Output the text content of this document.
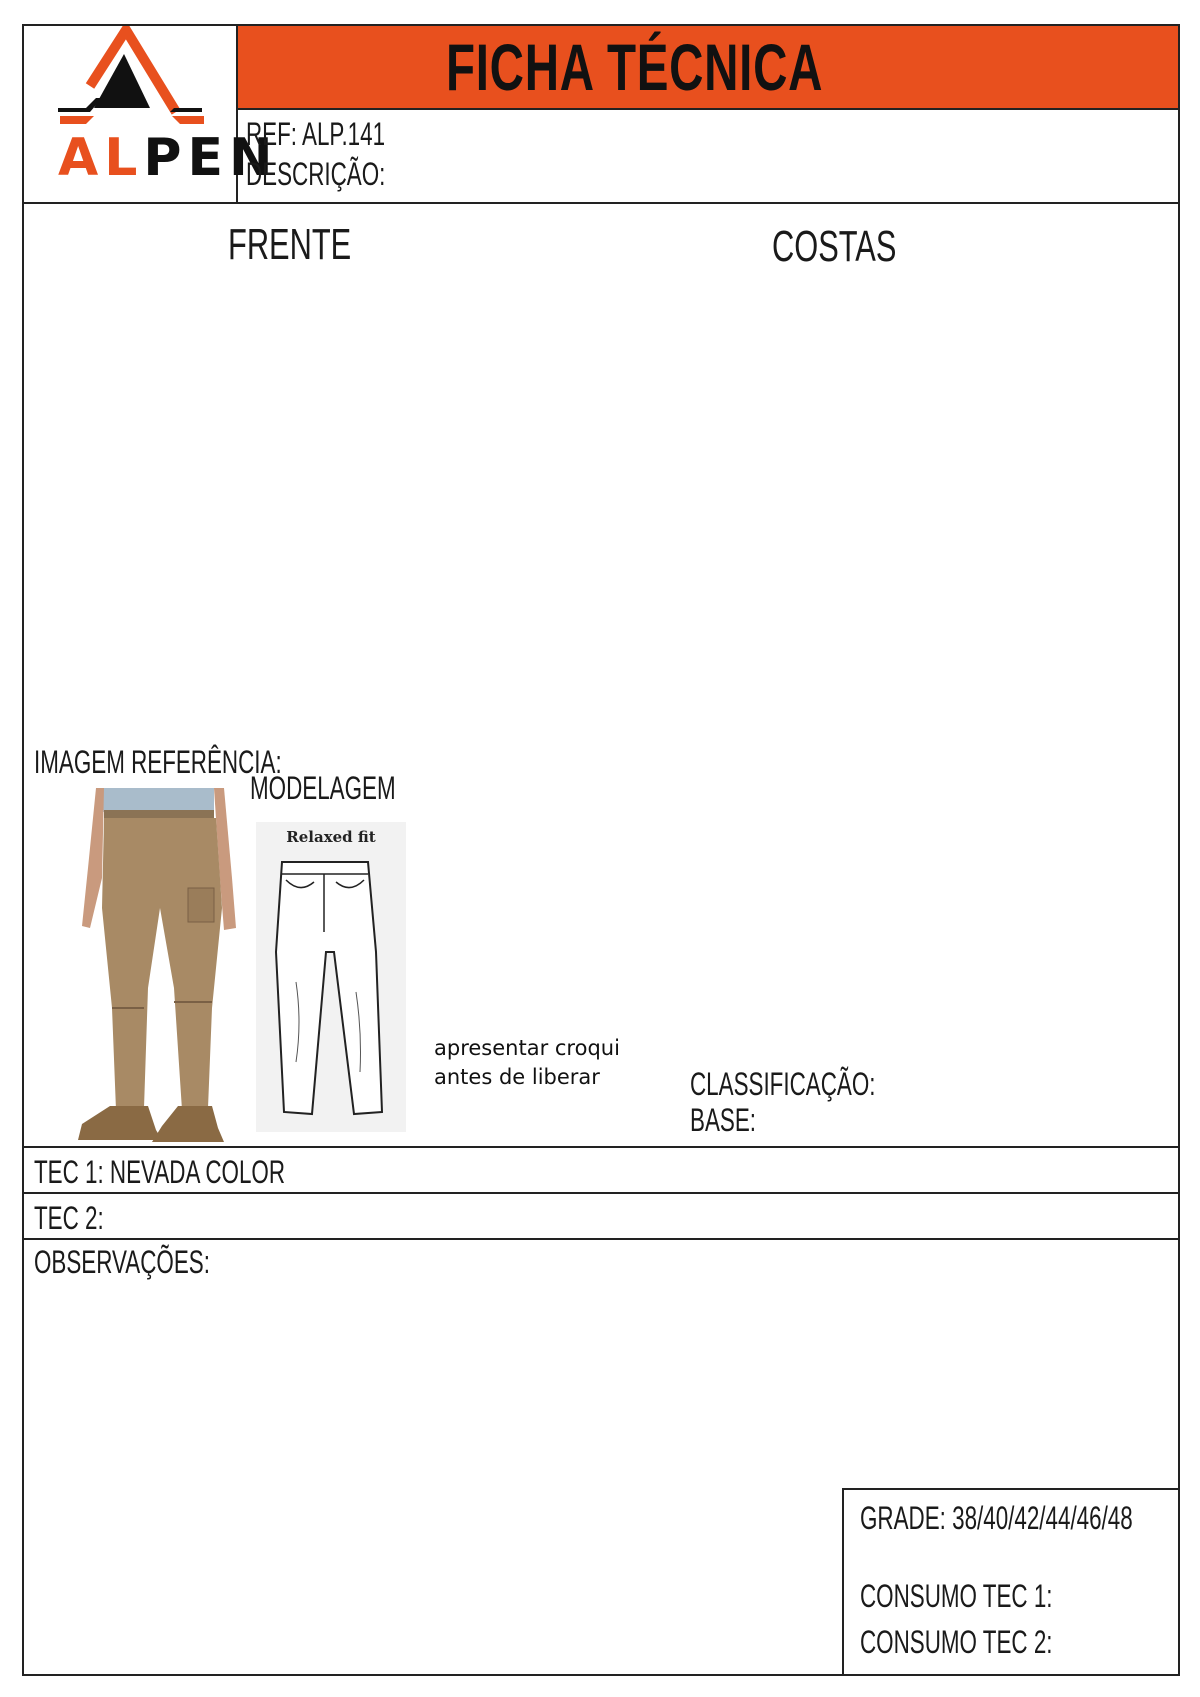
ALPEN
FICHA TÉCNICA
REF: ALP.141
DESCRIÇÃO:
FRENTE	COSTAS
IMAGEM REFERÊNCIA:
MODELAGEM
Relaxed fit
apresentar croqui
antes de liberar	CLASSIFICAÇÃO:
BASE:
TEC 1: NEVADA COLOR
TEC 2:
OBSERVAÇÕES:
GRADE: 38/40/42/44/46/48
CONSUMO TEC 1:
CONSUMO TEC 2:
